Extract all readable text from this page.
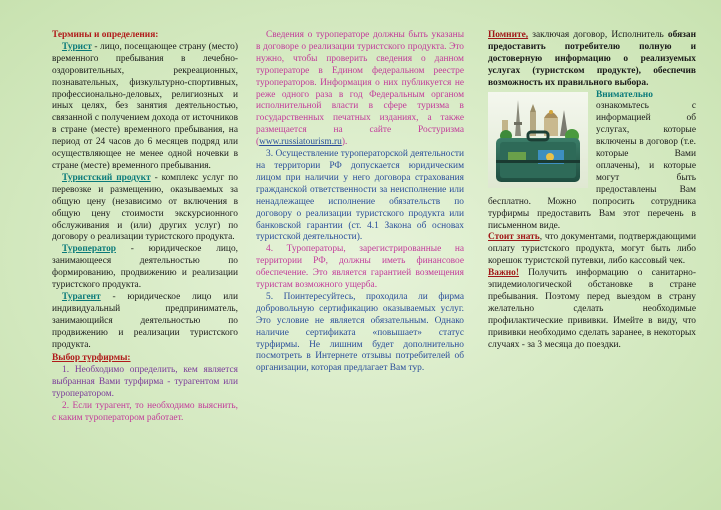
Термины и определения:

Турист - лицо, посещающее страну (место) временного пребывания в лечебно-оздоровительных, рекреационных, познавательных, физкультурно-спортивных, профессионально-деловых, религиозных и иных целях, без занятия деятельностью, связанной с получением дохода от источников в стране (месте) временного пребывания, на период от 24 часов до 6 месяцев подряд или осуществляющее не менее одной ночевки в стране (месте) временного пребывания.

Туристский продукт - комплекс услуг по перевозке и размещению, оказываемых за общую цену (независимо от включения в общую цену стоимости экскурсионного обслуживания и (или) других услуг) по договору о реализации туристского продукта.

Туроператор - юридическое лицо, занимающееся деятельностью по формированию, продвижению и реализации туристского продукта.

Турагент - юридическое лицо или индивидуальный предприниматель, занимающийся деятельностью по продвижению и реализации туристского продукта.

Выбор турфирмы:

1. Необходимо определить, кем является выбранная Вами турфирма - турагентом или туроператором.

2. Если турагент, то необходимо выяснить, с каким туроператором работает.

Сведения о туроператоре должны быть указаны в договоре о реализации туристского продукта. Это нужно, чтобы проверить сведения о данном туроператоре в Едином федеральном реестре туроператоров. Информация о них публикуется не реже одного раза в год Федеральным органом исполнительной власти в сфере туризма в государственных печатных изданиях, а также размещается на сайте Ростуризма (www.russiatourism.ru).

3. Осуществление туроператорской деятельности на территории РФ допускается юридическим лицом при наличии у него договора страхования гражданской ответственности за неисполнение или ненадлежащее исполнение обязательств по договору о реализации туристского продукта или банковской гарантии (ст. 4.1 Закона об основах туристской деятельности).

4. Туроператоры, зарегистрированные на территории РФ, должны иметь финансовое обеспечение. Это является гарантией возмещения туристам возможного ущерба.

5. Поинтересуйтесь, проходила ли фирма добровольную сертификацию оказываемых услуг. Это условие не является обязательным. Однако наличие сертификата «повышает» статус турфирмы. Не лишним будет дополнительно посмотреть в Интернете отзывы потребителей об организации, которая предлагает Вам тур.

Помните, заключая договор, Исполнитель обязан предоставить потребителю полную и достоверную информацию о реализуемых услугах (туристском продукте), обеспечив возможность их правильного выбора.

Внимательно ознакомьтесь с информацией об услугах, которые включены в договор (т.е. которые Вами оплачены), и которые могут быть предоставлены Вам бесплатно. Можно попросить сотрудника турфирмы предоставить Вам этот перечень в письменном виде.

Стоит знать, что документами, подтверждающими оплату туристского продукта, могут быть либо корешок туристской путевки, либо кассовый чек.

Важно! Получить информацию о санитарно-эпидемиологической обстановке в стране пребывания. Поэтому перед выездом в страну желательно сделать необходимые профилактические прививки. Имейте в виду, что прививки необходимо сделать заранее, в некоторых случаях - за 3 месяца до поездки.
